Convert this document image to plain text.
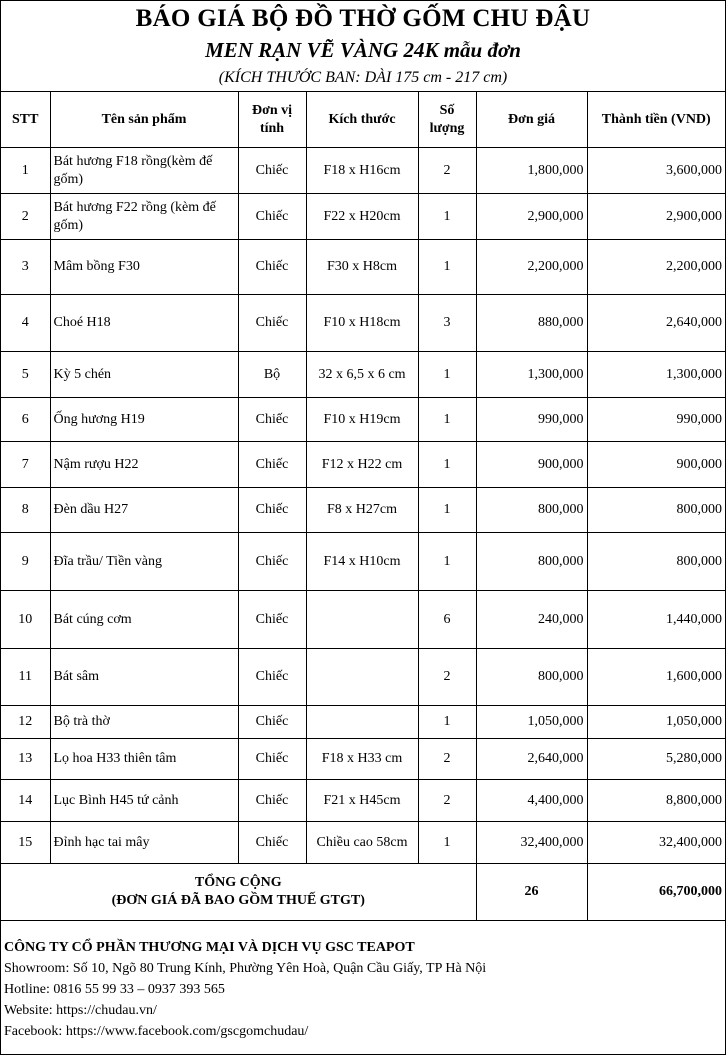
BÁO GIÁ BỘ ĐỒ THỜ GỐM CHU ĐẬU
MEN RẠN VẼ VÀNG 24K mẫu đơn
(KÍCH THƯỚC BAN: DÀI 175 cm - 217 cm)
STT	Tên sản phẩm	Đơn vị tính	Kích thước	Số lượng	Đơn giá	Thành tiền (VND)
1	Bát hương F18 rồng(kèm đế gốm)	Chiếc	F18 x H16cm	2	1,800,000	3,600,000
2	Bát hương F22 rồng (kèm đế gốm)	Chiếc	F22 x H20cm	1	2,900,000	2,900,000
3	Mâm bồng F30	Chiếc	F30 x H8cm	1	2,200,000	2,200,000
4	Choé H18	Chiếc	F10 x H18cm	3	880,000	2,640,000
5	Kỳ 5 chén	Bộ	32 x 6,5 x 6 cm	1	1,300,000	1,300,000
6	Ống hương H19	Chiếc	F10 x H19cm	1	990,000	990,000
7	Nậm rượu H22	Chiếc	F12 x H22 cm	1	900,000	900,000
8	Đèn dầu H27	Chiếc	F8 x H27cm	1	800,000	800,000
9	Đĩa trầu/ Tiền vàng	Chiếc	F14 x H10cm	1	800,000	800,000
10	Bát cúng cơm	Chiếc		6	240,000	1,440,000
11	Bát sâm	Chiếc		2	800,000	1,600,000
12	Bộ trà thờ	Chiếc		1	1,050,000	1,050,000
13	Lọ hoa H33 thiên tâm	Chiếc	F18 x H33 cm	2	2,640,000	5,280,000
14	Lục Bình H45 tứ cảnh	Chiếc	F21 x H45cm	2	4,400,000	8,800,000
15	Đỉnh hạc tai mây	Chiếc	Chiều cao 58cm	1	32,400,000	32,400,000

TỔNG CỘNG
(ĐƠN GIÁ ĐÃ BAO GỒM THUẾ GTGT)					26	66,700,000
CÔNG TY CỔ PHẦN THƯƠNG MẠI VÀ DỊCH VỤ GSC TEAPOT
Showroom: Số 10, Ngõ 80 Trung Kính, Phường Yên Hoà, Quận Cầu Giấy, TP Hà Nội
Hotline: 0816 55 99 33 – 0937 393 565
Website: https://chudau.vn/
Facebook: https://www.facebook.com/gscgomchudau/
